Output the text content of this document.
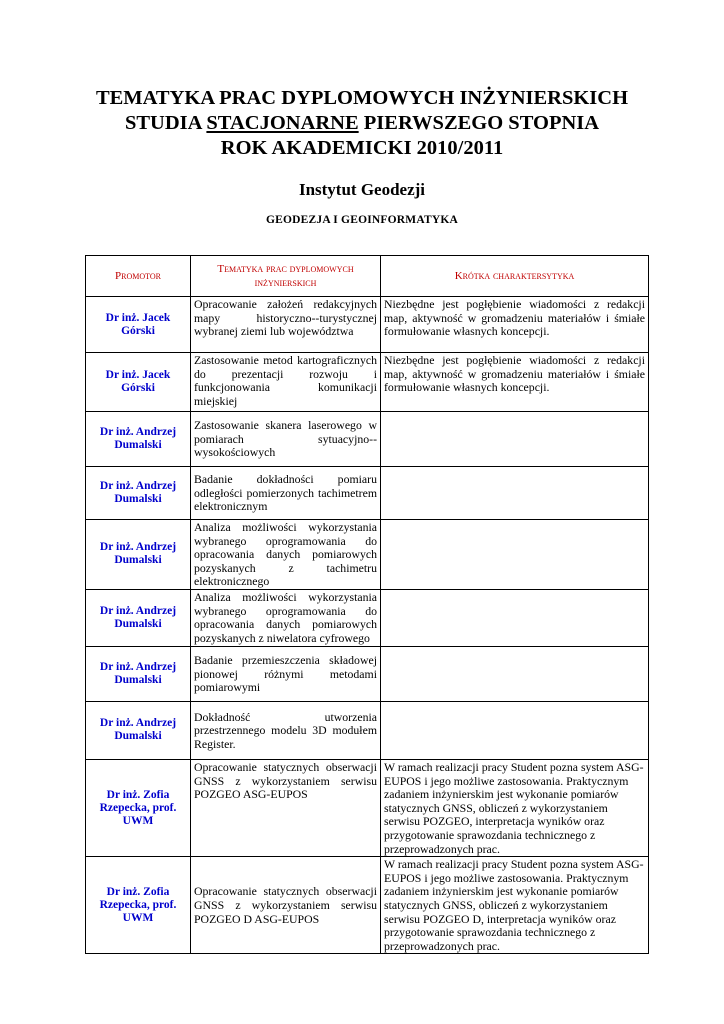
TEMATYKA PRAC DYPLOMOWYCH INŻYNIERSKICH
STUDIA STACJONARNE PIERWSZEGO STOPNIA
ROK AKADEMICKI 2010/2011
Instytut Geodezji
GEODEZJA I GEOINFORMATYKA
Promotor	Tematyka prac dyplomowych inżynierskich	Krótka charaktersytyka
Dr inż. Jacek Górski	Opracowanie założeń redakcyjnych mapy historyczno--turystycznej wybranej ziemi lub województwa	Niezbędne jest pogłębienie wiadomości z redakcji map, aktywność w gromadzeniu materiałów i śmiałe formułowanie własnych koncepcji.
Dr inż. Jacek Górski	Zastosowanie metod kartograficznych do prezentacji rozwoju i funkcjonowania komunikacji miejskiej	Niezbędne jest pogłębienie wiadomości z redakcji map, aktywność w gromadzeniu materiałów i śmiałe formułowanie własnych koncepcji.
Dr inż. Andrzej Dumalski	Zastosowanie skanera laserowego w pomiarach sytuacyjno--wysokościowych	
Dr inż. Andrzej Dumalski	Badanie dokładności pomiaru odległości pomierzonych tachimetrem elektronicznym	
Dr inż. Andrzej Dumalski	Analiza możliwości wykorzystania wybranego oprogramowania do opracowania danych pomiarowych pozyskanych z tachimetru elektronicznego	
Dr inż. Andrzej Dumalski	Analiza możliwości wykorzystania wybranego oprogramowania do opracowania danych pomiarowych pozyskanych z niwelatora cyfrowego	
Dr inż. Andrzej Dumalski	Badanie przemieszczenia składowej pionowej różnymi metodami pomiarowymi	
Dr inż. Andrzej Dumalski	Dokładność utworzenia przestrzennego modelu 3D modułem Register.	
Dr inż. Zofia Rzepecka, prof. UWM	Opracowanie statycznych obserwacji GNSS z wykorzystaniem serwisu POZGEO ASG-EUPOS	W ramach realizacji pracy Student pozna system ASG-EUPOS i jego możliwe zastosowania. Praktycznym zadaniem inżynierskim jest wykonanie pomiarów statycznych GNSS, obliczeń z wykorzystaniem serwisu POZGEO, interpretacja wyników oraz przygotowanie sprawozdania technicznego z przeprowadzonych prac.
Dr inż. Zofia Rzepecka, prof. UWM	Opracowanie statycznych obserwacji GNSS z wykorzystaniem serwisu POZGEO D ASG-EUPOS	W ramach realizacji pracy Student pozna system ASG-EUPOS i jego możliwe zastosowania. Praktycznym zadaniem inżynierskim jest wykonanie pomiarów statycznych GNSS, obliczeń z wykorzystaniem serwisu POZGEO D, interpretacja wyników oraz przygotowanie sprawozdania technicznego z przeprowadzonych prac.
